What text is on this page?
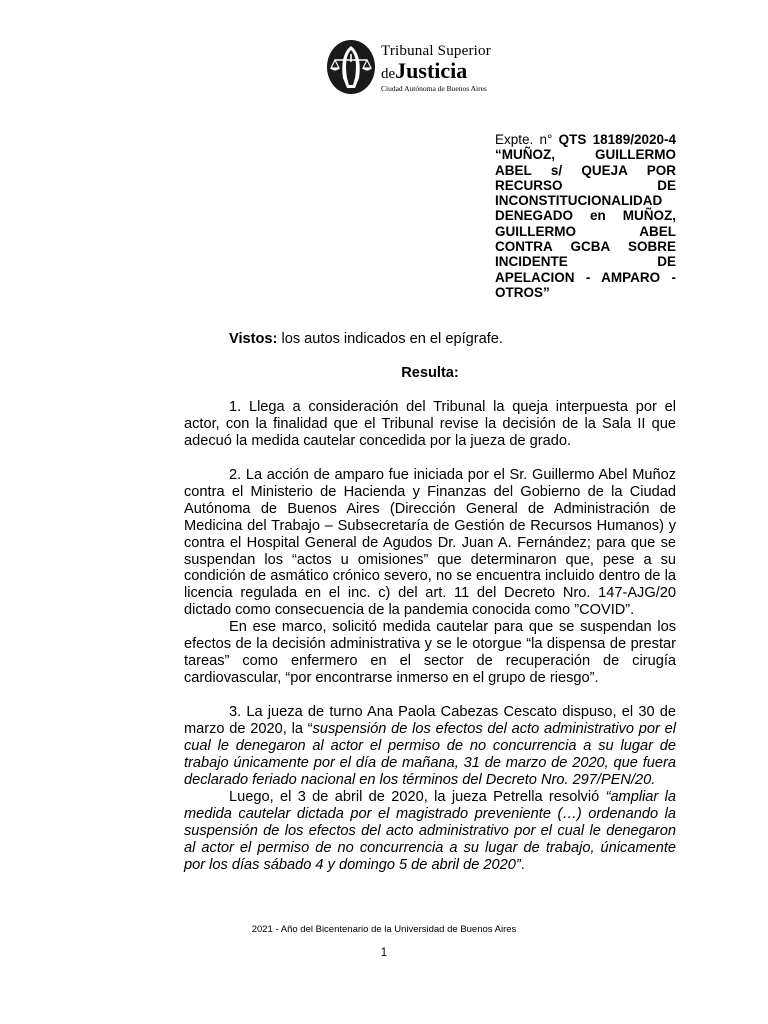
Tribunal Superior
deJusticia
Ciudad Autónoma de Buenos Aires
Expte. n° QTS 18189/2020-4
“MUÑOZ, GUILLERMO
ABEL s/ QUEJA POR
RECURSO DE
INCONSTITUCIONALIDAD
DENEGADO en MUÑOZ,
GUILLERMO ABEL
CONTRA GCBA SOBRE
INCIDENTE DE
APELACION - AMPARO -
OTROS”

Vistos: los autos indicados en el epígrafe.

Resulta:

1. Llega a consideración del Tribunal la queja interpuesta por el actor, con la finalidad que el Tribunal revise la decisión de la Sala II que adecuó la medida cautelar concedida por la jueza de grado.

2. La acción de amparo fue iniciada por el Sr. Guillermo Abel Muñoz contra el Ministerio de Hacienda y Finanzas del Gobierno de la Ciudad Autónoma de Buenos Aires (Dirección General de Administración de Medicina del Trabajo – Subsecretaría de Gestión de Recursos Humanos) y contra el Hospital General de Agudos Dr. Juan A. Fernández; para que se suspendan los “actos u omisiones” que determinaron que, pese a su condición de asmático crónico severo, no se encuentra incluido dentro de la licencia regulada en el inc. c) del art. 11 del Decreto Nro. 147-AJG/20 dictado como consecuencia de la pandemia conocida como ”COVID”.

En ese marco, solicitó medida cautelar para que se suspendan los efectos de la decisión administrativa y se le otorgue “la dispensa de prestar tareas” como enfermero en el sector de recuperación de cirugía cardiovascular, “por encontrarse inmerso en el grupo de riesgo”.

3. La jueza de turno Ana Paola Cabezas Cescato dispuso, el 30 de marzo de 2020, la “suspensión de los efectos del acto administrativo por el cual le denegaron al actor el permiso de no concurrencia a su lugar de trabajo únicamente por el día de mañana, 31 de marzo de 2020, que fuera declarado feriado nacional en los términos del Decreto Nro. 297/PEN/20.

Luego, el 3 de abril de 2020, la jueza Petrella resolvió “ampliar la medida cautelar dictada por el magistrado preveniente (…) ordenando la suspensión de los efectos del acto administrativo por el cual le denegaron al actor el permiso de no concurrencia a su lugar de trabajo, únicamente por los días sábado 4 y domingo 5 de abril de 2020”.

2021 - Año del Bicentenario de la Universidad de Buenos Aires
1
